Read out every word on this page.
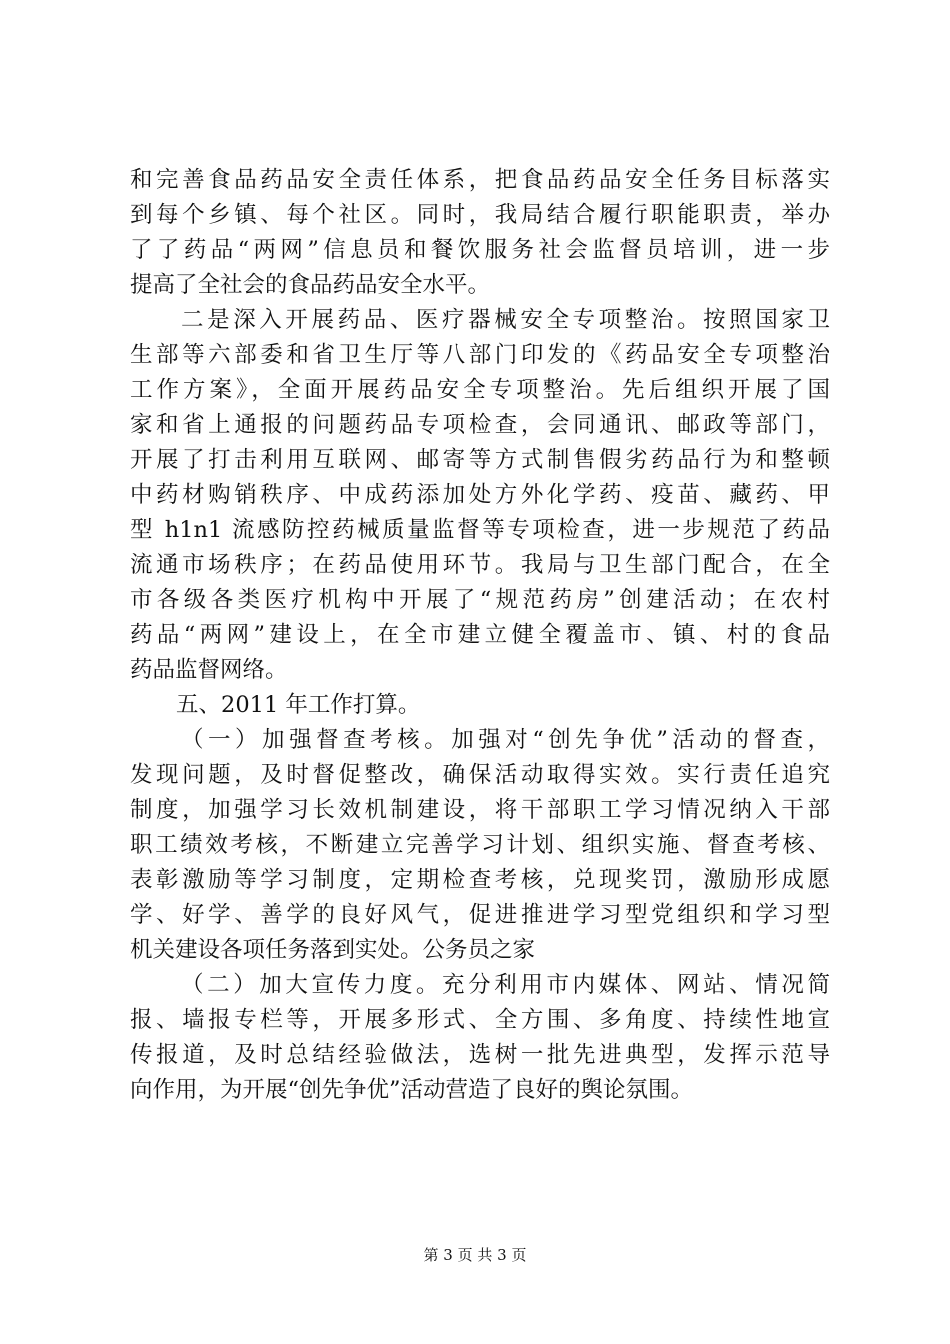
和完善食品药品安全责任体系，把食品药品安全任务目标落实
到每个乡镇、每个社区。同时，我局结合履行职能职责，举办
了了药品“两网”信息员和餐饮服务社会监督员培训，进一步
提高了全社会的食品药品安全水平。
二是深入开展药品、医疗器械安全专项整治。按照国家卫
生部等六部委和省卫生厅等八部门印发的《药品安全专项整治
工作方案》，全面开展药品安全专项整治。先后组织开展了国
家和省上通报的问题药品专项检查，会同通讯、邮政等部门，
开展了打击利用互联网、邮寄等方式制售假劣药品行为和整顿
中药材购销秩序、中成药添加处方外化学药、疫苗、藏药、甲
型 h1n1 流感防控药械质量监督等专项检查，进一步规范了药品
流通市场秩序；在药品使用环节。我局与卫生部门配合，在全
市各级各类医疗机构中开展了“规范药房”创建活动；在农村
药品“两网”建设上，在全市建立健全覆盖市、镇、村的食品
药品监督网络。
五、2011 年工作打算。
（一）加强督查考核。加强对“创先争优”活动的督查，
发现问题，及时督促整改，确保活动取得实效。实行责任追究
制度，加强学习长效机制建设，将干部职工学习情况纳入干部
职工绩效考核，不断建立完善学习计划、组织实施、督查考核、
表彰激励等学习制度，定期检查考核，兑现奖罚，激励形成愿
学、好学、善学的良好风气，促进推进学习型党组织和学习型
机关建设各项任务落到实处。公务员之家
（二）加大宣传力度。充分利用市内媒体、网站、情况简
报、墙报专栏等，开展多形式、全方围、多角度、持续性地宣
传报道，及时总结经验做法，选树一批先进典型，发挥示范导
向作用，为开展“创先争优”活动营造了良好的舆论氛围。
第 3 页 共 3 页
